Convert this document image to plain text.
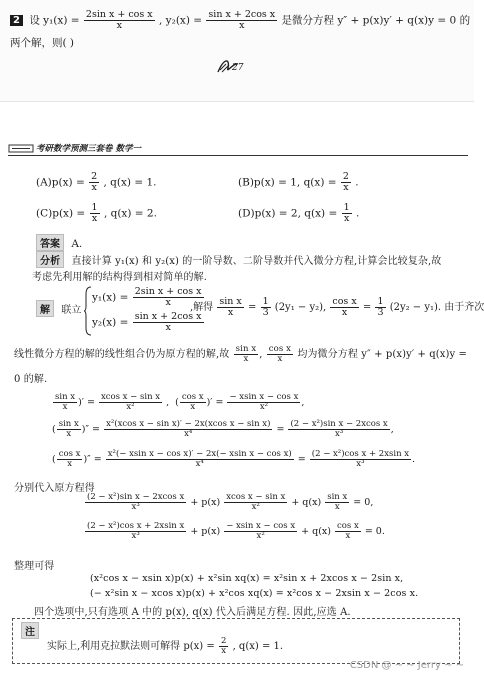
2 设 $y_1(x) = \frac{\text{2sin x + cos x}}{x}$ , $y_2(x) = \frac{\text{sin x + 2cos x}}{x}$ 是微分方程 y″ + p(x)y′ + q(x)y = 0 的
两个解，则( )
27
考研数学预测三套卷 数学一
$(A)p(x) = \frac{2}{x}$ , q(x) = 1.	(B)p(x) = 1, $q(x) = \frac{2}{x}$ .
$(C)p(x) = \frac{1}{x}$ , q(x) = 2.	(D)p(x) = 2, $q(x) = \frac{1}{x}$ .
答案 A.
分析 直接计算 y₁(x) 和 y₂(x) 的一阶导数、二阶导数并代入微分方程,计算会比较复杂,故
考虑先利用解的结构得到相对简单的解.
解 联立
$y_1(x) = \frac{\text{2sin x + cos x}}{x}$
$y_2(x) = \frac{\text{sin x + 2cos x}}{x}$
,解得 $\frac{\text{sin x}}{x} = \frac{1}{3} (2y_1 - y_2)$, $\frac{\text{cos x}}{x} = \frac{1}{3} (2y_2 - y_1)$. 由于齐次
线性微分方程的解的线性组合仍为原方程的解,故 $\frac{\text{sin x}}{x}$ , $\frac{\text{cos x}}{x}$ 均为微分方程 y″ + p(x)y′ + q(x)y =
0 的解.
$\frac{\text{sin x}}{x}$ )′ = $\frac{\text{xcos x − sin x}}{\text{x²}}$ ,  ( $\frac{\text{cos x}}{x}$ )′ = $\frac{\text{− xsin x − cos x}}{\text{x²}}$ ,
( $\frac{\text{sin x}}{x}$ )″ = $\frac{\text{x²(xcos x − sin x)′ − 2x(xcos x − sin x)}}{\text{x⁴}} = \frac{\text{(2 − x²)sin x − 2xcos x}}{\text{x³}}$ ,
( $\frac{\text{cos x}}{x}$ )″ = $\frac{\text{x²(− xsin x − cos x)′ − 2x(− xsin x − cos x)}}{\text{x⁴}} = \frac{\text{(2 − x²)cos x + 2xsin x}}{\text{x³}}$ .
分别代入原方程得
$\frac{\text{(2 − x²)sin x − 2xcos x}}{\text{x³}} + p(x) \frac{\text{xcos x − sin x}}{\text{x²}} + q(x) \frac{\text{sin x}}{x} = 0$,
$\frac{\text{(2 − x²)cos x + 2xsin x}}{\text{x³}} + p(x) \frac{\text{− xsin x − cos x}}{\text{x²}} + q(x) \frac{\text{cos x}}{x} = 0$.
整理可得
(x²cos x − xsin x)p(x) + x²sin xq(x) = x²sin x + 2xcos x − 2sin x,
(− x²sin x − xcos x)p(x) + x²cos xq(x) = x²cos x − 2xsin x − 2cos x.
四个选项中,只有选项 A 中的 p(x), q(x) 代入后满足方程. 因此,应选 A.
注
实际上,利用克拉默法则可解得 $p(x) = \frac{2}{x}$ , q(x) = 1.
CSDN @ ~ ~ Jerry ~ ~
